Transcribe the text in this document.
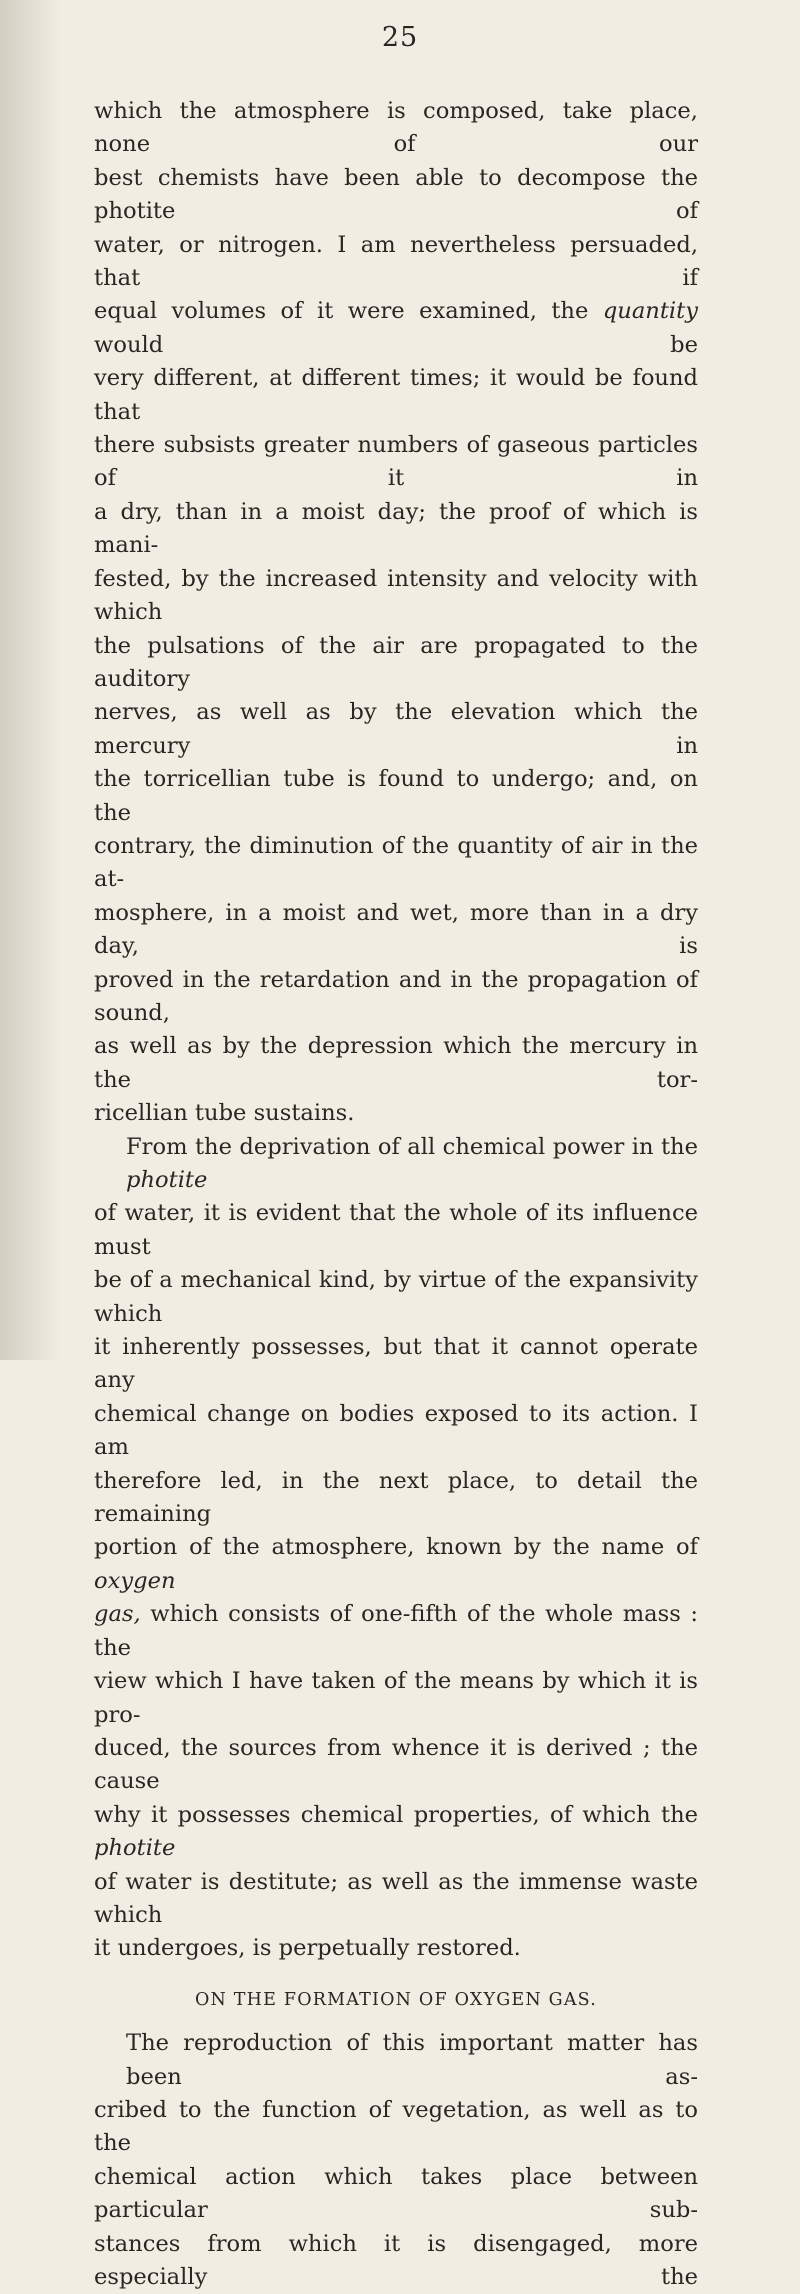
25

which the atmosphere is composed, take place, none of our
best chemists have been able to decompose the photite of
water, or nitrogen. I am nevertheless persuaded, that if
equal volumes of it were examined, the quantity would be
very different, at different times; it would be found that
there subsists greater numbers of gaseous particles of it in
a dry, than in a moist day; the proof of which is mani-
fested, by the increased intensity and velocity with which
the pulsations of the air are propagated to the auditory
nerves, as well as by the elevation which the mercury in
the torricellian tube is found to undergo; and, on the
contrary, the diminution of the quantity of air in the at-
mosphere, in a moist and wet, more than in a dry day, is
proved in the retardation and in the propagation of sound,
as well as by the depression which the mercury in the tor-
ricellian tube sustains.

From the deprivation of all chemical power in the photite
of water, it is evident that the whole of its influence must
be of a mechanical kind, by virtue of the expansivity which
it inherently possesses, but that it cannot operate any
chemical change on bodies exposed to its action. I am
therefore led, in the next place, to detail the remaining
portion of the atmosphere, known by the name of oxygen
gas, which consists of one-fifth of the whole mass : the
view which I have taken of the means by which it is pro-
duced, the sources from whence it is derived ; the cause
why it possesses chemical properties, of which the photite
of water is destitute; as well as the immense waste which
it undergoes, is perpetually restored.

ON THE FORMATION OF OXYGEN GAS.

The reproduction of this important matter has been as-
cribed to the function of vegetation, as well as to the
chemical action which takes place between particular sub-
stances from which it is disengaged, more especially the
